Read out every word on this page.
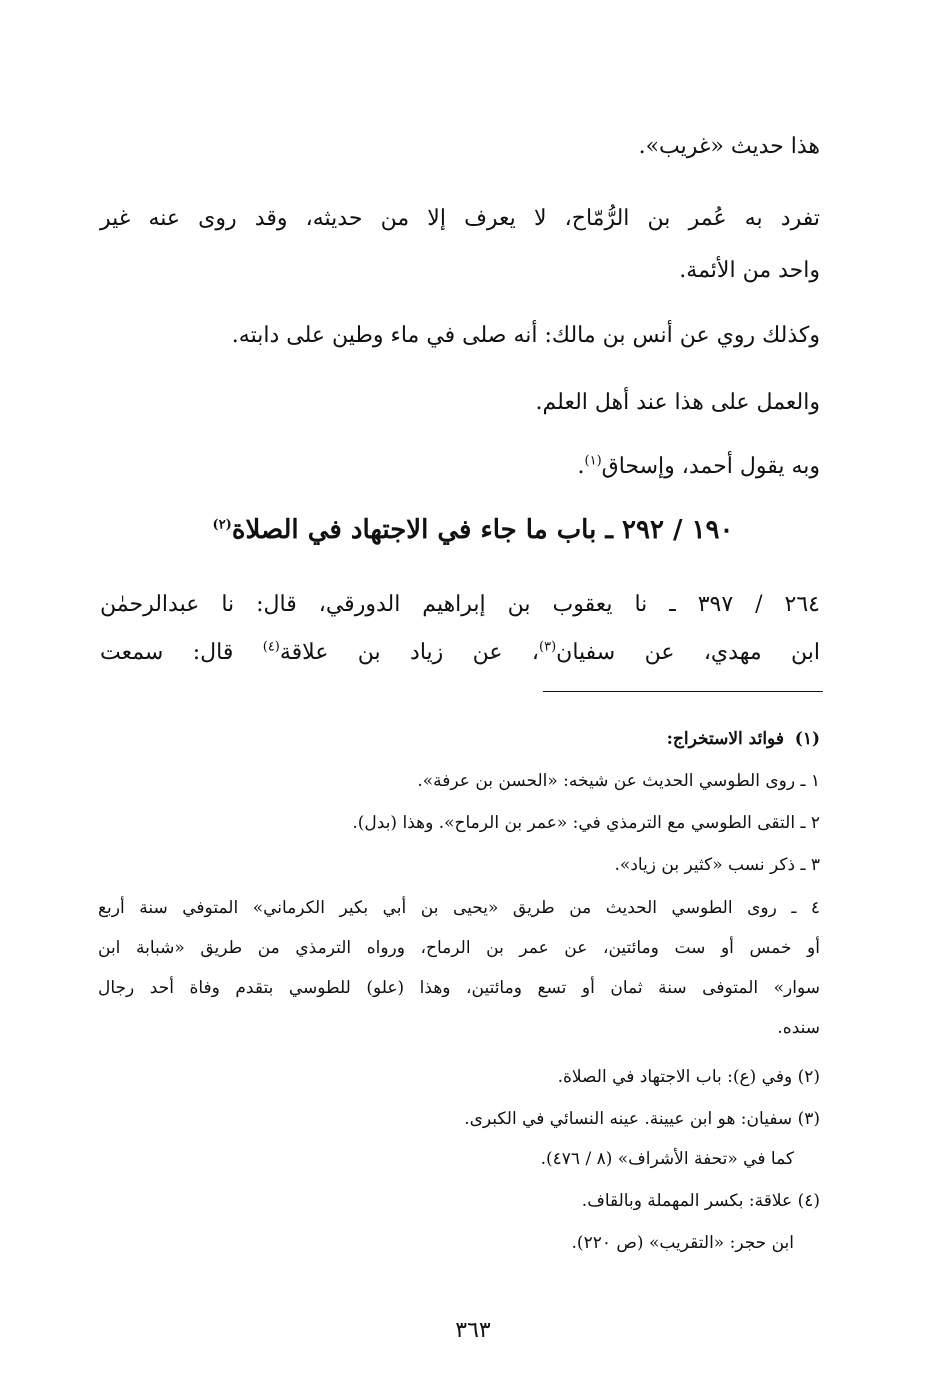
هذا حديث «غريب».
تفرد به عُمر بن الرُّمّاح، لا يعرف إلا من حديثه، وقد روى عنه غير
واحد من الأئمة.
وكذلك روي عن أنس بن مالك: أنه صلى في ماء وطين على دابته.
والعمل على هذا عند أهل العلم.
وبه يقول أحمد، وإسحاق$^{(١)}$.
١٩٠ / ٢٩٢ ـ باب ما جاء في الاجتهاد في الصلاة$^{(٢)}$
٢٦٤ / ٣٩٧ ـ نا يعقوب بن إبراهيم الدورقي، قال: نا عبدالرحمٰن
ابن مهدي، عن سفيان$^{(٣)}$، عن زياد بن علاقة$^{(٤)}$ قال: سمعت
(١)  فوائد الاستخراج:
١ ـ روى الطوسي الحديث عن شيخه: «الحسن بن عرفة».
٢ ـ التقى الطوسي مع الترمذي في: «عمر بن الرماح». وهذا (بدل).
٣ ـ ذكر نسب «كثير بن زياد».
٤ ـ روى الطوسي الحديث من طريق «يحيى بن أبي بكير الكرماني» المتوفي سنة أربع
أو خمس أو ست ومائتين، عن عمر بن الرماح، ورواه الترمذي من طريق «شبابة ابن
سوار» المتوفى سنة ثمان أو تسع ومائتين، وهذا (علو) للطوسي بتقدم وفاة أحد رجال
سنده.
(٢) وفي (ع): باب الاجتهاد في الصلاة.
(٣) سفيان: هو ابن عيينة. عينه النسائي في الكبرى.
كما في «تحفة الأشراف» (٨ / ٤٧٦).
(٤) علاقة: بكسر المهملة وبالقاف.
ابن حجر: «التقريب» (ص ٢٢٠).
٣٦٣
